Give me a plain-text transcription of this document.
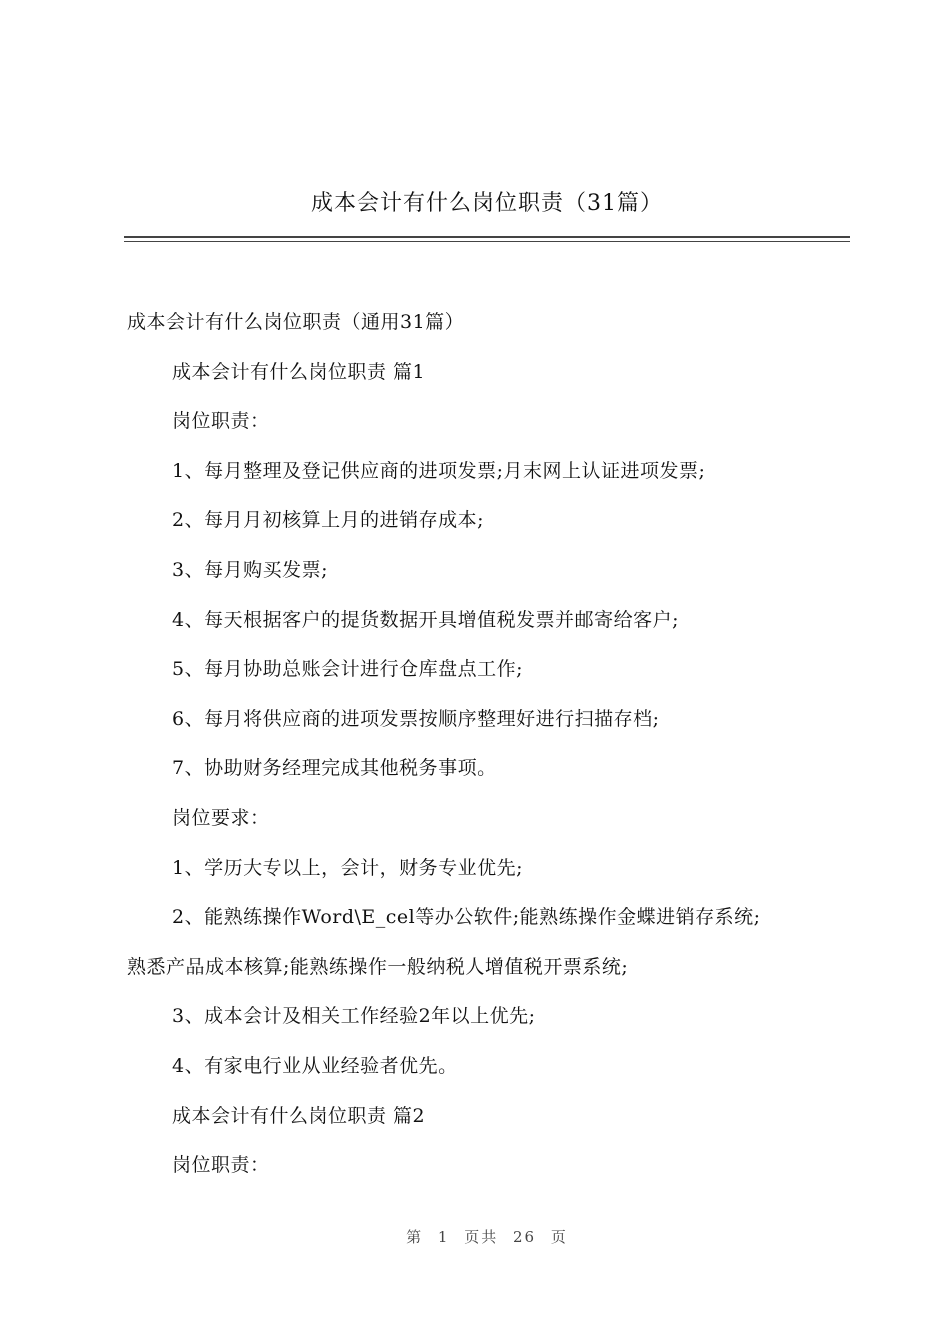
成本会计有什么岗位职责（31篇）
成本会计有什么岗位职责（通用31篇）
成本会计有什么岗位职责 篇1
岗位职责：
1、每月整理及登记供应商的进项发票;月末网上认证进项发票;
2、每月月初核算上月的进销存成本;
3、每月购买发票;
4、每天根据客户的提货数据开具增值税发票并邮寄给客户;
5、每月协助总账会计进行仓库盘点工作;
6、每月将供应商的进项发票按顺序整理好进行扫描存档;
7、协助财务经理完成其他税务事项。
岗位要求：
1、学历大专以上，会计，财务专业优先;
2、能熟练操作Word\E_cel等办公软件;能熟练操作金蝶进销存系统;
熟悉产品成本核算;能熟练操作一般纳税人增值税开票系统;
3、成本会计及相关工作经验2年以上优先;
4、有家电行业从业经验者优先。
成本会计有什么岗位职责 篇2
岗位职责：
第 1 页共 26 页
